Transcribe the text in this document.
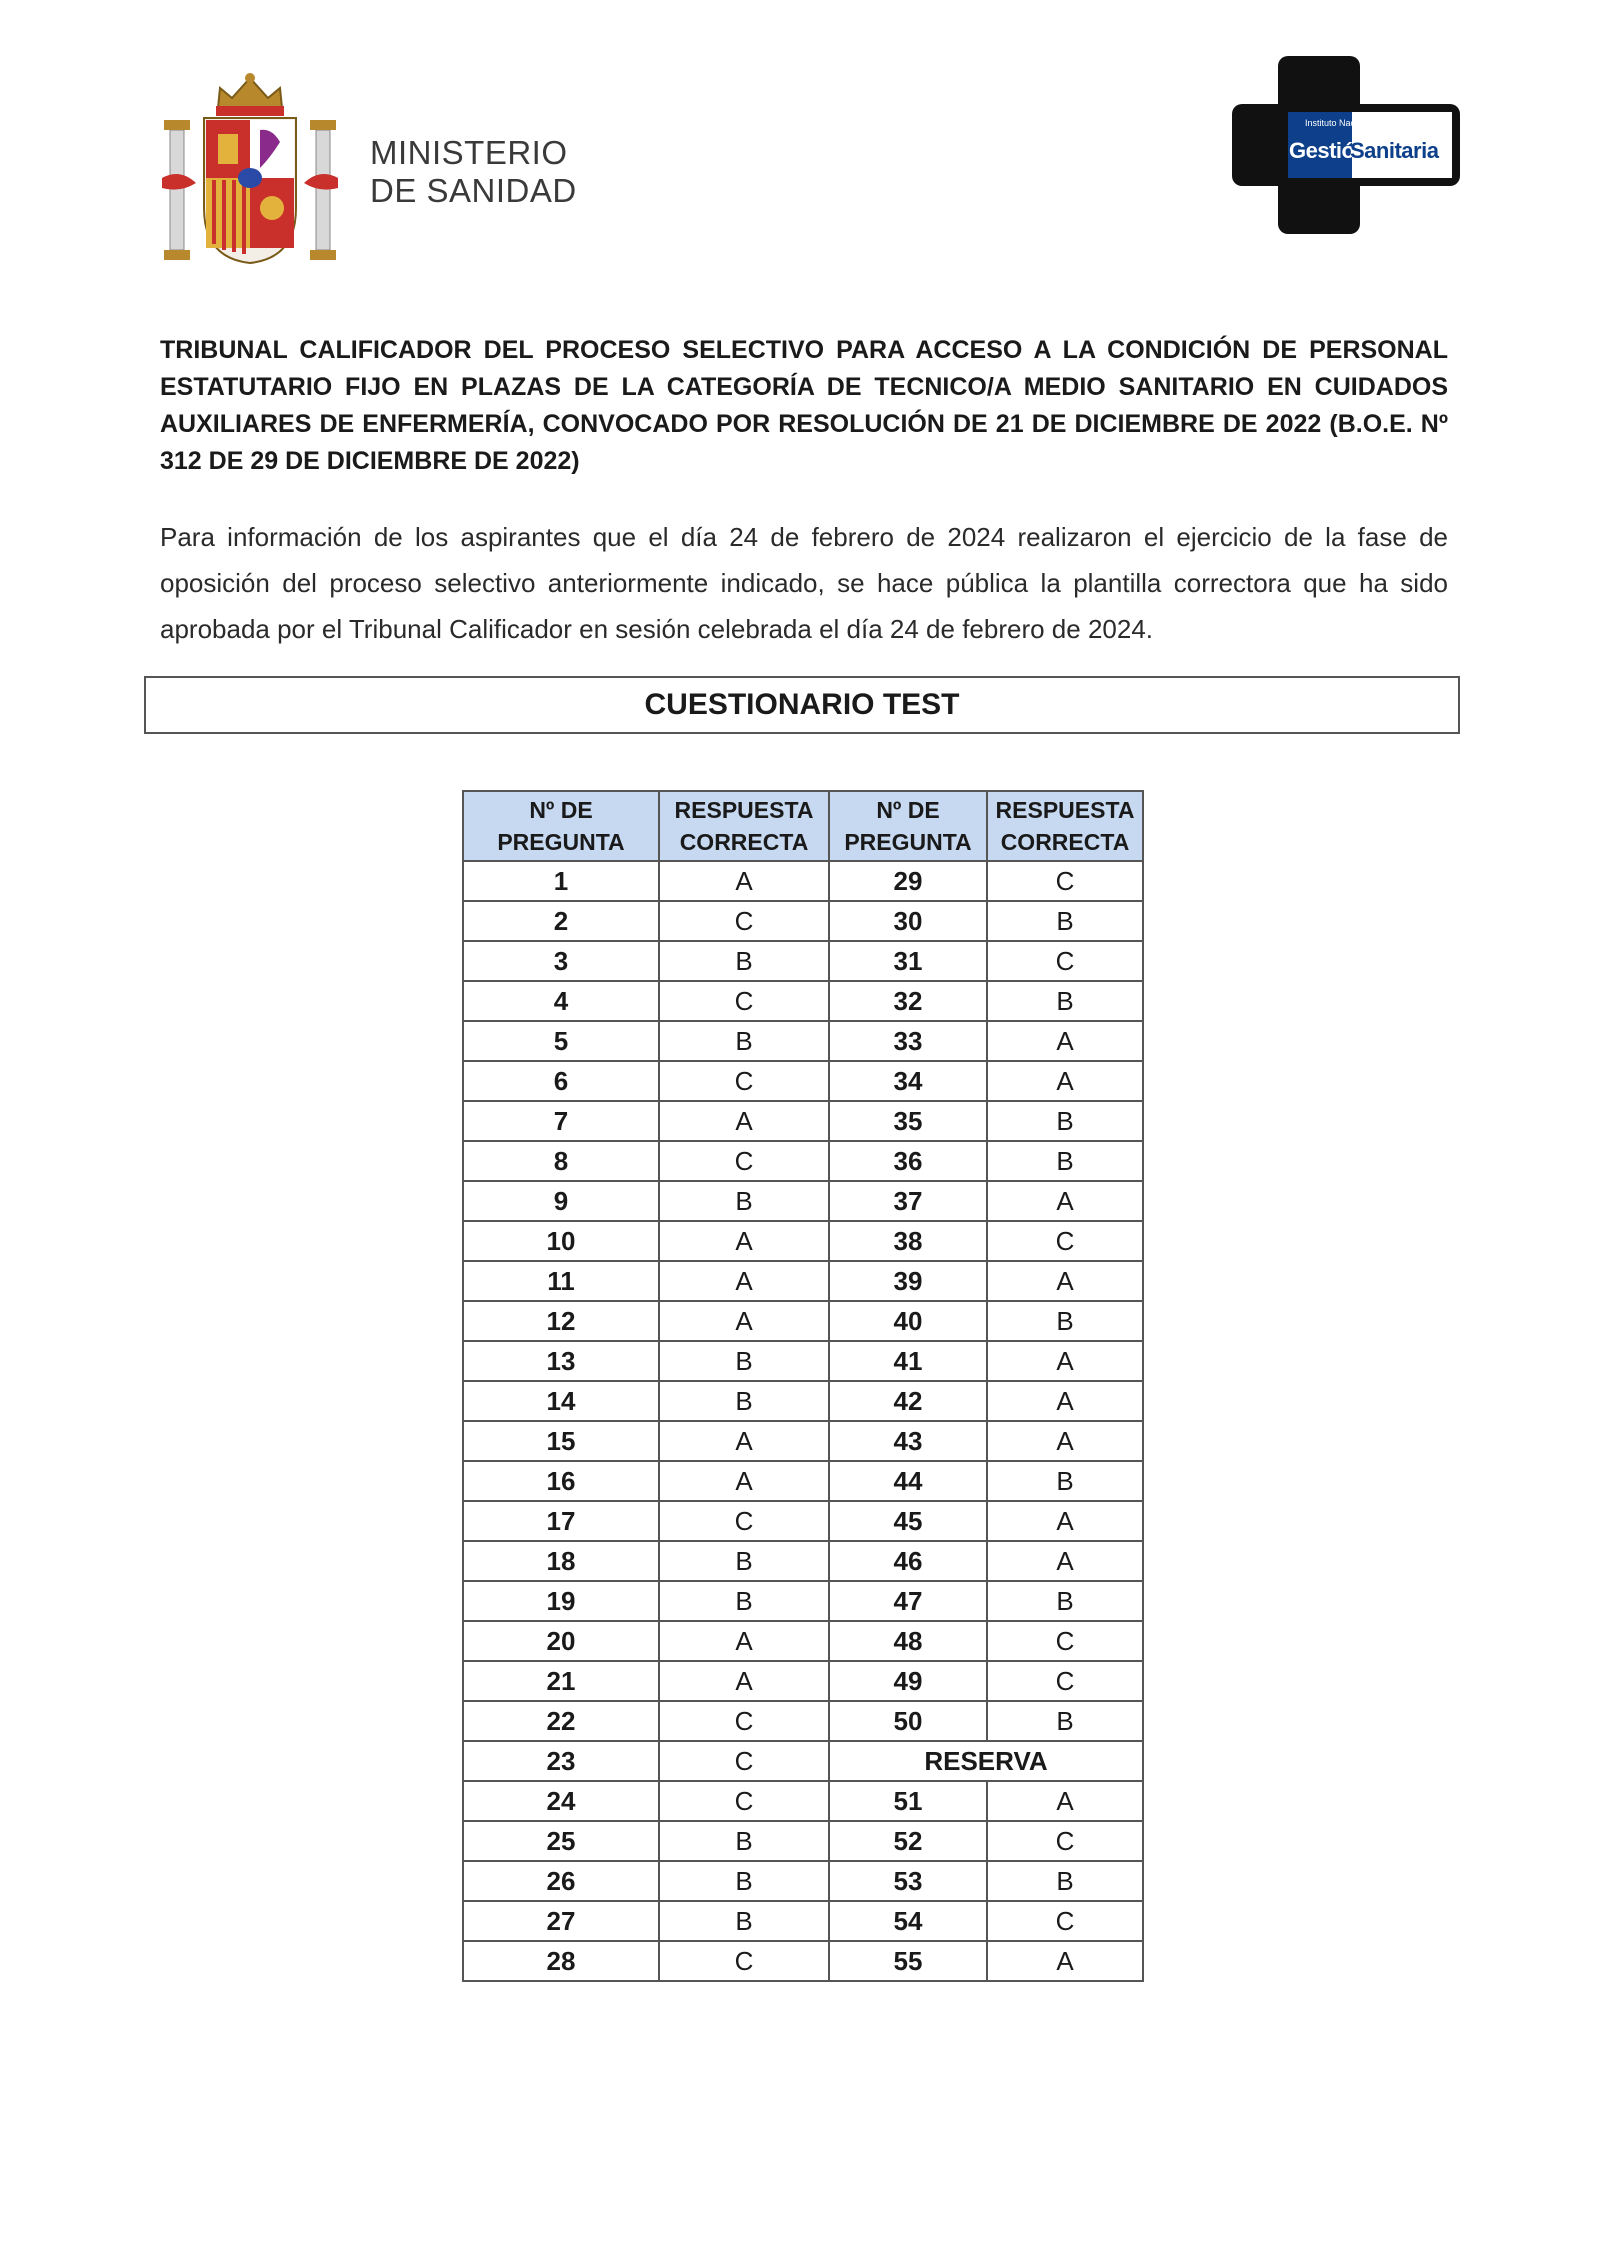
MINISTERIO
DE SANIDAD
Instituto Nacional de
Gestión
Sanitaria
TRIBUNAL CALIFICADOR DEL PROCESO SELECTIVO PARA ACCESO A LA CONDICIÓN DE PERSONAL ESTATUTARIO FIJO EN PLAZAS DE LA CATEGORÍA DE TECNICO/A MEDIO SANITARIO EN CUIDADOS AUXILIARES DE ENFERMERÍA, CONVOCADO POR RESOLUCIÓN DE 21 DE DICIEMBRE DE 2022 (B.O.E. Nº 312 DE 29 DE DICIEMBRE DE 2022)
Para información de los aspirantes que el día 24 de febrero de 2024 realizaron el ejercicio de la fase de oposición del proceso selectivo anteriormente indicado, se hace pública la plantilla correctora que ha sido aprobada por el Tribunal Calificador en sesión celebrada el día 24 de febrero de 2024.
CUESTIONARIO TEST
Nº DE PREGUNTA	RESPUESTA CORRECTA	Nº DE PREGUNTA	RESPUESTA CORRECTA
1	A	29	C
2	C	30	B
3	B	31	C
4	C	32	B
5	B	33	A
6	C	34	A
7	A	35	B
8	C	36	B
9	B	37	A
10	A	38	C
11	A	39	A
12	A	40	B
13	B	41	A
14	B	42	A
15	A	43	A
16	A	44	B
17	C	45	A
18	B	46	A
19	B	47	B
20	A	48	C
21	A	49	C
22	C	50	B
23	C	RESERVA	
24	C	51	A
25	B	52	C
26	B	53	B
27	B	54	C
28	C	55	A
